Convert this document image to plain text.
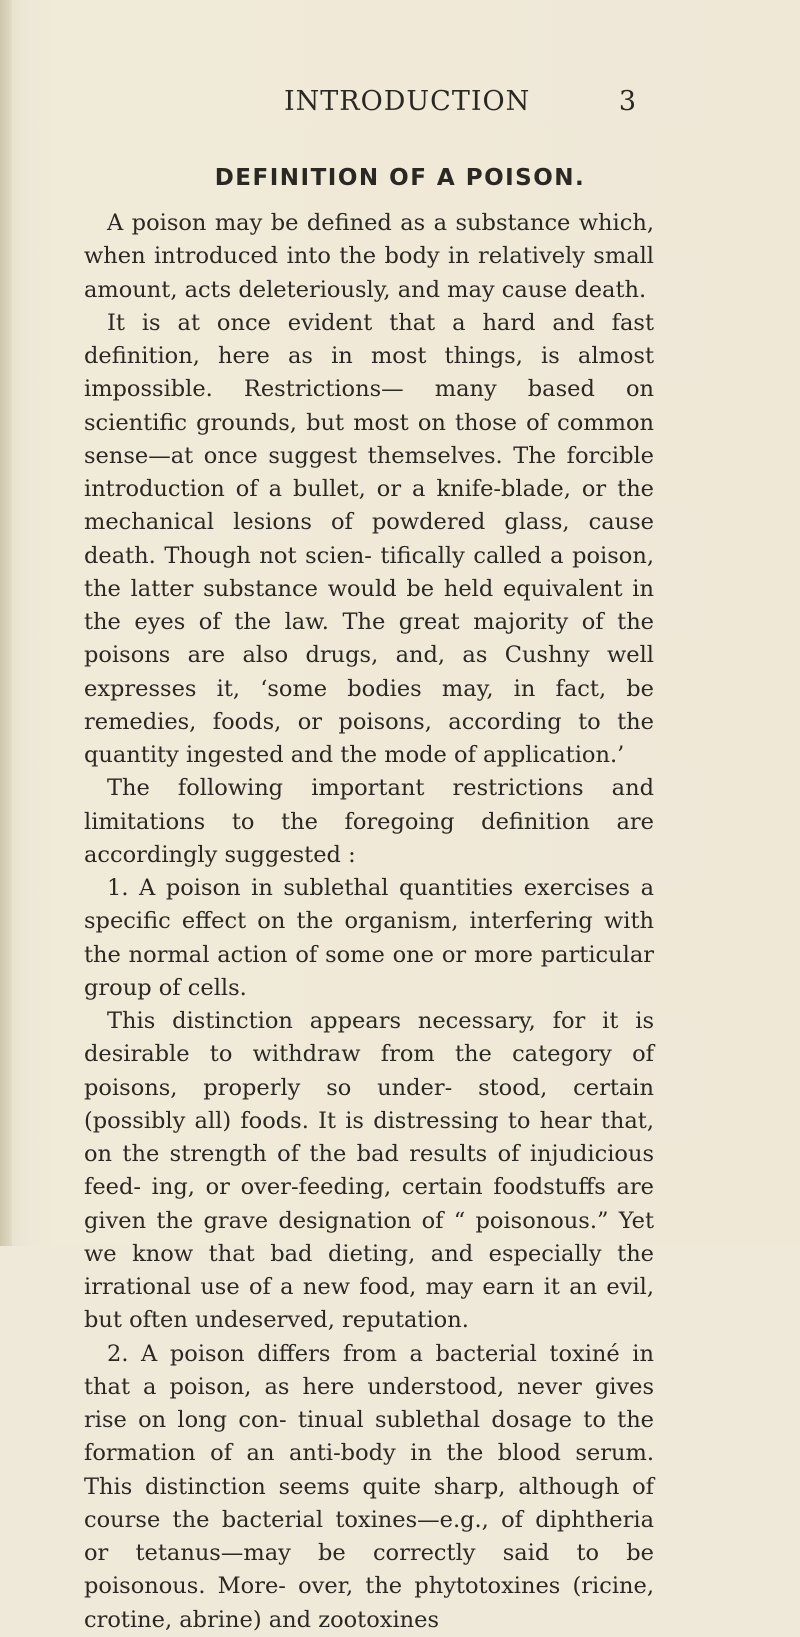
INTRODUCTION	3
DEFINITION OF A POISON.

A poison may be defined as a substance which, when introduced into the body in relatively small amount, acts deleteriously, and may cause death.

It is at once evident that a hard and fast definition, here as in most things, is almost impossible. Restrictions— many based on scientific grounds, but most on those of common sense—at once suggest themselves. The forcible introduction of a bullet, or a knife-blade, or the mechanical lesions of powdered glass, cause death. Though not scien- tifically called a poison, the latter substance would be held equivalent in the eyes of the law. The great majority of the poisons are also drugs, and, as Cushny well expresses it, ‘some bodies may, in fact, be remedies, foods, or poisons, according to the quantity ingested and the mode of application.’

The following important restrictions and limitations to the foregoing definition are accordingly suggested :

1. A poison in sublethal quantities exercises a specific effect on the organism, interfering with the normal action of some one or more particular group of cells.

This distinction appears necessary, for it is desirable to withdraw from the category of poisons, properly so under- stood, certain (possibly all) foods. It is distressing to hear that, on the strength of the bad results of injudicious feed- ing, or over-feeding, certain foodstuffs are given the grave designation of “ poisonous.” Yet we know that bad dieting, and especially the irrational use of a new food, may earn it an evil, but often undeserved, reputation.

2. A poison differs from a bacterial toxiné in that a poison, as here understood, never gives rise on long con- tinual sublethal dosage to the formation of an anti-body in the blood serum. This distinction seems quite sharp, although of course the bacterial toxines—e.g., of diphtheria or tetanus—may be correctly said to be poisonous. More- over, the phytotoxines (ricine, crotine, abrine) and zootoxines
